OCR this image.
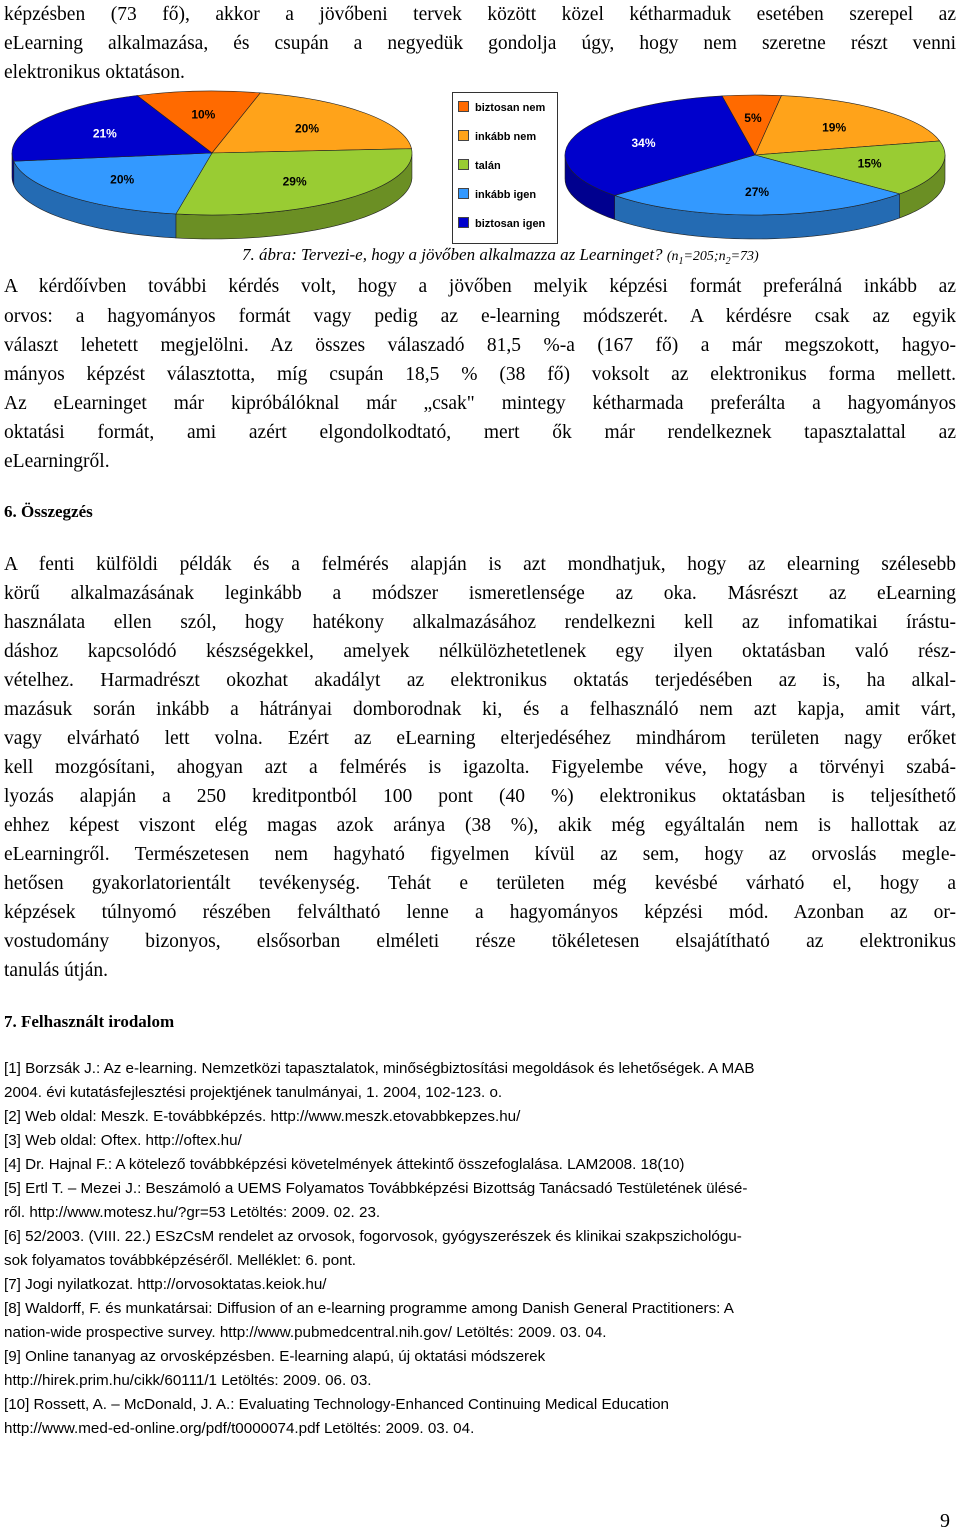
képzésben (73 fő), akkor a jövőbeni tervek között közel kétharmaduk esetében szerepel az
eLearning alkalmazása, és csupán a negyedük gondolja úgy, hogy nem szeretne részt venni
elektronikus oktatáson.
10%
20%
29%
20%
21%
5%
19%
15%
27%
34%
biztosan nem
inkább nem
talán
inkább igen
biztosan igen
7. ábra: Tervezi-e, hogy a jövőben alkalmazza az Learninget? $(n_1=205;n_2=73)$
A kérdőívben további kérdés volt, hogy a jövőben melyik képzési formát preferálná inkább az
orvos: a hagyományos formát vagy pedig az e-learning módszerét. A kérdésre csak az egyik
választ lehetett megjelölni. Az összes válaszadó 81,5 %-a (167 fő) a már megszokott, hagyo-
mányos képzést választotta, míg csupán 18,5 % (38 fő) voksolt az elektronikus forma mellett.
Az eLearninget már kipróbálóknal már „csak" mintegy kétharmada preferálta a hagyományos
oktatási formát, ami azért elgondolkodtató, mert ők már rendelkeznek tapasztalattal az
eLearningről.
6. Összegzés
A fenti külföldi példák és a felmérés alapján is azt mondhatjuk, hogy az elearning szélesebb
körű alkalmazásának leginkább a módszer ismeretlensége az oka. Másrészt az eLearning
használata ellen szól, hogy hatékony alkalmazásához rendelkezni kell az infomatikai írástu-
dáshoz kapcsolódó készségekkel, amelyek nélkülözhetetlenek egy ilyen oktatásban való rész-
vételhez. Harmadrészt okozhat akadályt az elektronikus oktatás terjedésében az is, ha alkal-
mazásuk során inkább a hátrányai domborodnak ki, és a felhasználó nem azt kapja, amit várt,
vagy elvárható lett volna. Ezért az eLearning elterjedéséhez mindhárom területen nagy erőket
kell mozgósítani, ahogyan azt a felmérés is igazolta. Figyelembe véve, hogy a törvényi szabá-
lyozás alapján a 250 kreditpontból 100 pont (40 %) elektronikus oktatásban is teljesíthető
ehhez képest viszont elég magas azok aránya (38 %), akik még egyáltalán nem is hallottak az
eLearningről. Természetesen nem hagyható figyelmen kívül az sem, hogy az orvoslás megle-
hetősen gyakorlatorientált tevékenység. Tehát e területen még kevésbé várható el, hogy a
képzések túlnyomó részében felváltható lenne a hagyományos képzési mód. Azonban az or-
vostudomány bizonyos, elsősorban elméleti része tökéletesen elsajátítható az elektronikus
tanulás útján.
7. Felhasznált irodalom
[1] Borzsák J.: Az e-learning. Nemzetközi tapasztalatok, minőségbiztosítási megoldások és lehetőségek. A MAB
2004. évi kutatásfejlesztési projektjének tanulmányai, 1. 2004, 102-123. o.
[2] Web oldal: Meszk. E-továbbképzés. http://www.meszk.etovabbkepzes.hu/
[3] Web oldal: Oftex. http://oftex.hu/
[4] Dr. Hajnal F.: A kötelező továbbképzési követelmények áttekintő összefoglalása. LAM2008. 18(10)
[5] Ertl T. – Mezei J.: Beszámoló a UEMS Folyamatos Továbbképzési Bizottság Tanácsadó Testületének ülésé-
ről. http://www.motesz.hu/?gr=53 Letöltés: 2009. 02. 23.
[6] 52/2003. (VIII. 22.) ESzCsM rendelet az orvosok, fogorvosok, gyógyszerészek és klinikai szakpszichológu-
sok folyamatos továbbképzéséről. Melléklet: 6. pont.
[7] Jogi nyilatkozat. http://orvosoktatas.keiok.hu/
[8] Waldorff, F. és munkatársai: Diffusion of an e-learning programme among Danish General Practitioners: A
nation-wide prospective survey. http://www.pubmedcentral.nih.gov/ Letöltés: 2009. 03. 04.
[9] Online tananyag az orvosképzésben. E-learning alapú, új oktatási módszerek
http://hirek.prim.hu/cikk/60111/1 Letöltés: 2009. 06. 03.
[10] Rossett, A. – McDonald, J. A.: Evaluating Technology-Enhanced Continuing Medical Education
http://www.med-ed-online.org/pdf/t0000074.pdf Letöltés: 2009. 03. 04.
9
